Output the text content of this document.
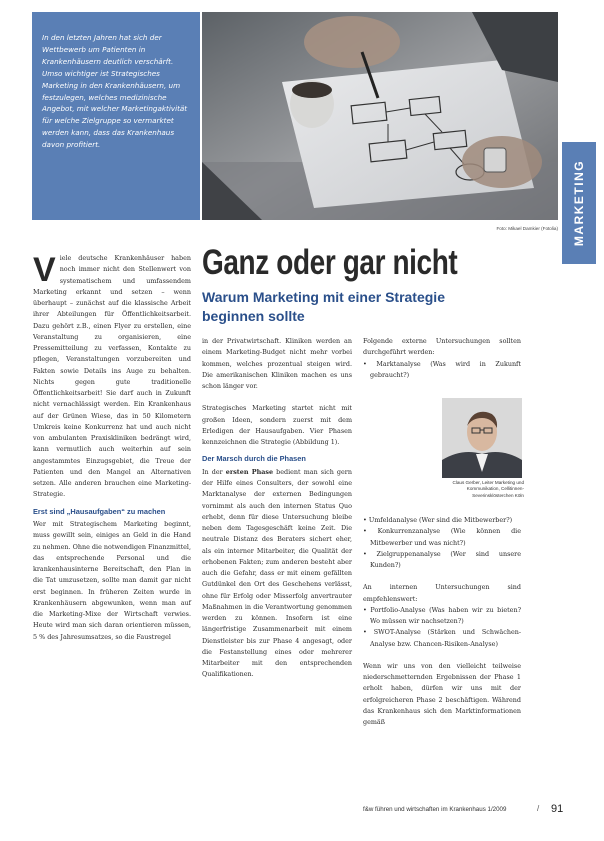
In den letzten Jahren hat sich der Wettbewerb um Patienten in Krankenhäusern deutlich verschärft. Umso wichtiger ist Strategisches Marketing in den Krankenhäusern, um festzulegen, welches medizinische Angebot, mit welcher Marketingaktivität für welche Zielgruppe so vermarktet werden kann, dass das Krankenhaus davon profitiert.
Foto: Mikael Damkier (Fotolia) MARKETING
Ganz oder gar nicht
Warum Marketing mit einer Strategie beginnen sollte

Viele deutsche Krankenhäuser haben noch immer nicht den Stellenwert von systematischem und umfassendem Marketing erkannt und setzen – wenn überhaupt – zunächst auf die klassische Arbeit ihrer Abteilungen für Öffentlichkeitsarbeit. Dazu gehört z.B., einen Flyer zu erstellen, eine Veranstaltung zu organisieren, eine Pressemitteilung zu verfassen, Kontakte zu pflegen, Veranstaltungen vorzubereiten und Fakten sowie Details ins Auge zu behalten. Nichts gegen gute traditionelle Öffentlichkeitsarbeit! Sie darf auch in Zukunft nicht vernachlässigt werden. Ein Krankenhaus auf der Grünen Wiese, das in 50 Kilometern Umkreis keine Konkurrenz hat und auch nicht von ambulanten Praxiskliniken bedrängt wird, kann vermutlich auch weiterhin auf sein angestammtes Einzugsgebiet, die Treue der Patienten und den Mangel an Alternativen setzen. Alle anderen brauchen eine Marketing-Strategie.

Erst sind „Hausaufgaben“ zu machen

Wer mit Strategischem Marketing beginnt, muss gewillt sein, einiges an Geld in die Hand zu nehmen. Ohne die notwendigen Finanzmittel, das entsprechende Personal und die krankenhausinterne Bereitschaft, den Plan in die Tat umzusetzen, sollte man damit gar nicht erst beginnen. In früheren Zeiten wurde in Krankenhäusern abgewunken, wenn man auf die Marketing-Mixe der Wirtschaft verwies. Heute wird man sich daran orientieren müssen, 5 % des Jahresumsatzes, so die Faustregel

in der Privatwirtschaft. Kliniken werden an einem Marketing-Budget nicht mehr vorbei kommen, welches prozentual steigen wird. Die amerikanischen Kliniken machen es uns schon länger vor.

Strategisches Marketing startet nicht mit großen Ideen, sondern zuerst mit dem Erledigen der Hausaufgaben. Vier Phasen kennzeichnen die Strategie (Abbildung 1).

Der Marsch durch die Phasen

In der ersten Phase bedient man sich gern der Hilfe eines Consulters, der sowohl eine Marktanalyse der externen Bedingungen vornimmt als auch den internen Status Quo erhebt, denn für diese Untersuchung bleibe neben dem Tagesgeschäft keine Zeit. Die neutrale Distanz des Beraters sichert eher, als ein interner Mitarbeiter, die Qualität der erhobenen Fakten; zum anderen besteht aber auch die Gefahr, dass er mit einem gefällten Gutdünkel den Ort des Geschehens verlässt, ohne für Erfolg oder Misserfolg anvertrauter Maßnahmen in die Verantwortung genommen werden zu können. Insofern ist eine längerfristige Zusammenarbeit mit einem Dienstleister bis zur Phase 4 angesagt, oder die Festanstellung eines oder mehrerer Mitarbeiter mit den entsprechenden Qualifikationen.

Folgende externe Untersuchungen sollten durchgeführt werden:

• Marktanalyse (Was wird in Zukunft gebraucht?)
Claus Gerber, Leiter Marketing und Kommunikation, Cellitinnen-Severinsklösterchen Köln
• Umfeldanalyse (Wer sind die Mitbewerber?)
• Konkurrenzanalyse (Wie können die Mitbewerber und was nicht?)
• Zielgruppenanalyse (Wer sind unsere Kunden?)

An internen Untersuchungen sind empfehlenswert:

• Portfolio-Analyse (Was haben wir zu bieten? Wo müssen wir nachsetzen?)
• SWOT-Analyse (Stärken und Schwächen-Analyse bzw. Chancen-Risiken-Analyse)

Wenn wir uns von den vielleicht teilweise niederschmetternden Ergebnissen der Phase 1 erholt haben, dürfen wir uns mit der erfolgreicheren Phase 2 beschäftigen. Während das Krankenhaus sich den Marktinformationen gemäß

f&w führen und wirtschaften im Krankenhaus 1/2009	/ 91
